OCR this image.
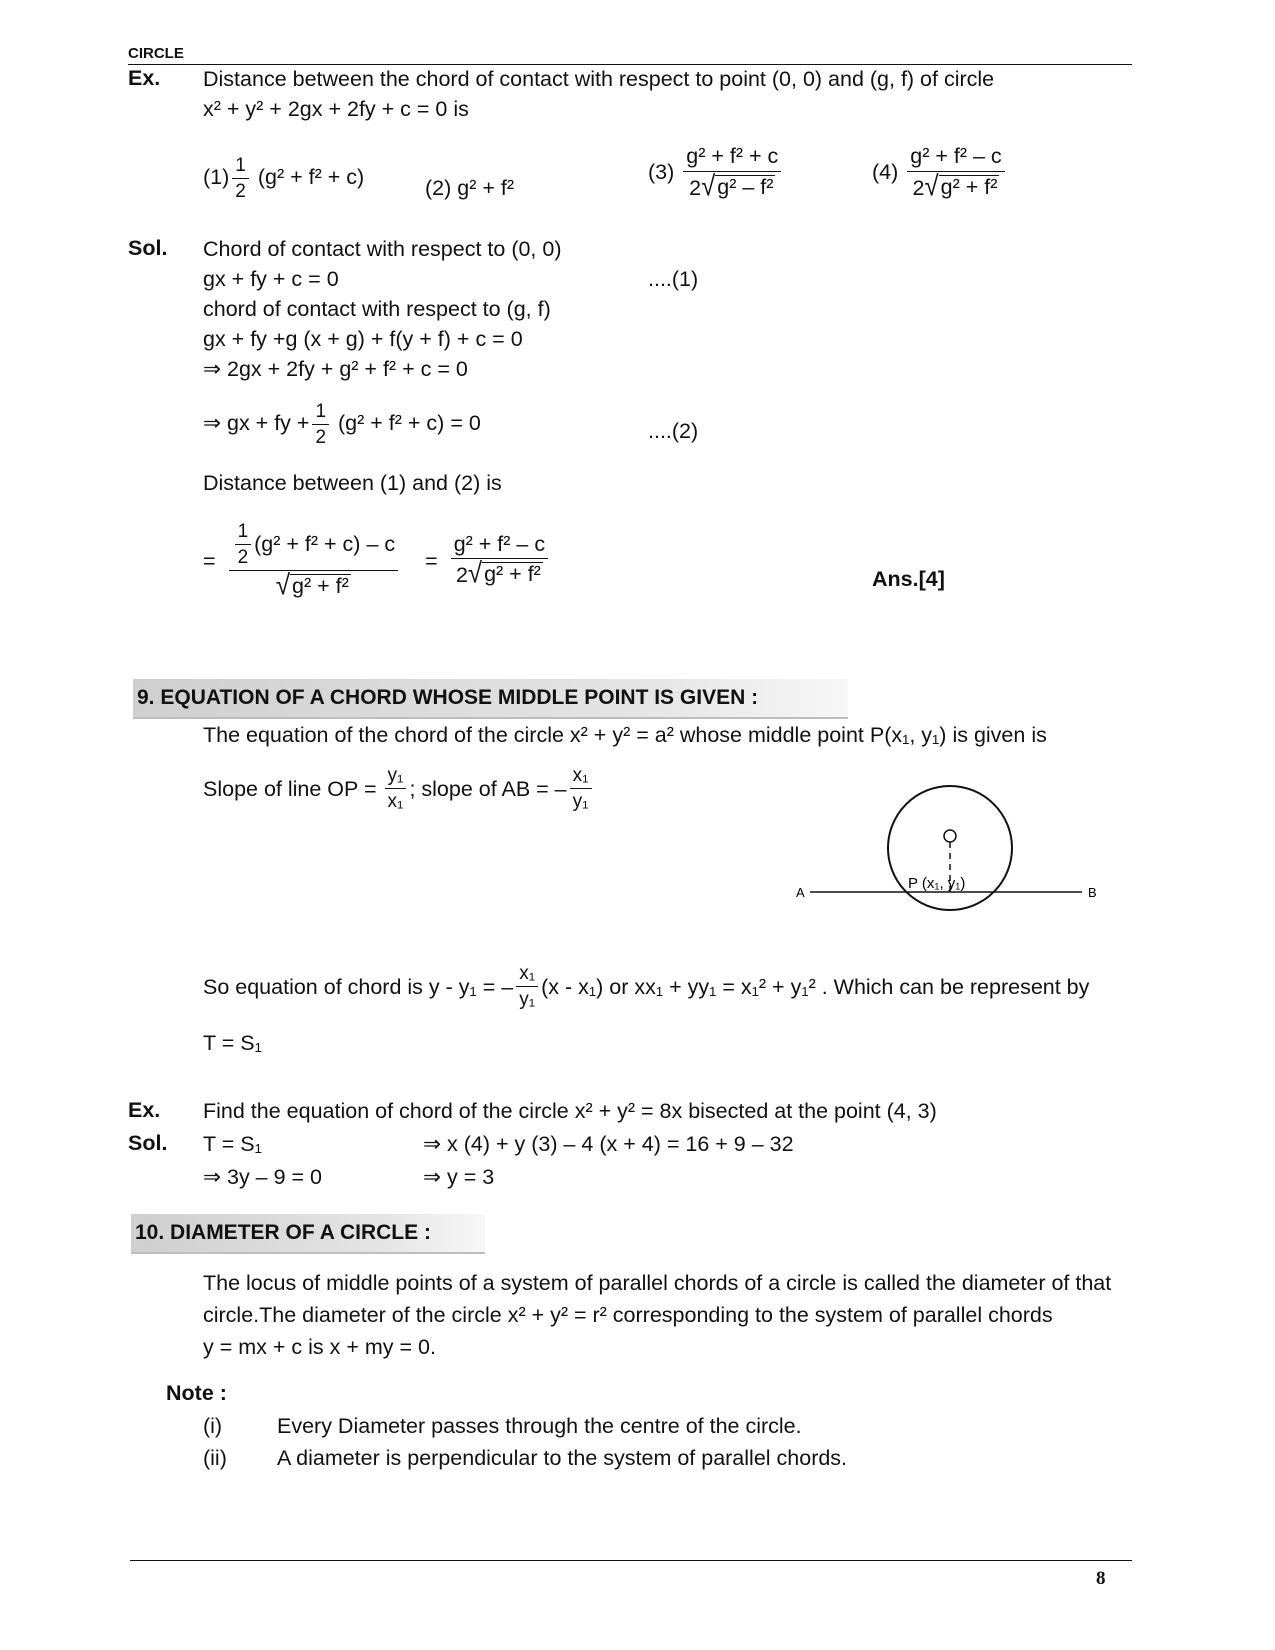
CIRCLE
Ex. Distance between the chord of contact with respect to point (0, 0) and (g, f) of circle
x² + y² + 2gx + 2fy + c = 0 is
$(1) \frac{1}{2} (g^2 + f^2 + c)$	(2) g² + f²
$(3) \frac{\text{g² + f² + c}}{\text{2 √ g² – f²}}$	$(4) \frac{\text{g² + f² – c}}{\text{2 √ g² + f²}}$
Sol. Chord of contact with respect to (0, 0)
gx + fy + c = 0	....(1)
chord of contact with respect to (g, f)
gx + fy +g (x + g) + f(y + f) + c = 0
⇒ 2gx + 2fy + g² + f² + c = 0
⇒ gx + fy + $\frac{1}{2} (g^2 + f^2 + c) = 0$	....(2)
Distance between (1) and (2) is
= $\frac{\frac{1}{2} (g^2 + f^2 + c) - c}{\text{√ g² + f²}} = \frac{\text{g² + f² – c}}{\text{2 √ g² + f²}}$	Ans.[4]
9. EQUATION OF A CHORD WHOSE MIDDLE POINT IS GIVEN :
The equation of the chord of the circle x² + y² = a² whose middle point P(x₁, y₁) is given is
Slope of line OP = $\frac{\text{y₁}}{\text{x₁}}$ ; slope of AB = – $\frac{\text{x₁}}{\text{y₁}}$
A	B
P (x₁, y₁)
So equation of chord is y - y₁ = – $\frac{\text{x₁}}{\text{y₁}} (x - x_1)$ or xx₁ + yy₁ = x₁² + y₁² . Which can be represent by
T = S₁
Ex. Find the equation of chord of the circle x² + y² = 8x bisected at the point (4, 3)
Sol. T = S₁	⇒ x (4) + y (3) – 4 (x + 4) = 16 + 9 – 32
⇒ 3y – 9 = 0	⇒ y = 3
10. DIAMETER OF A CIRCLE :
The locus of middle points of a system of parallel chords of a circle is called the diameter of that
circle.The diameter of the circle x² + y² = r² corresponding to the system of parallel chords
y = mx + c is x + my = 0.
Note :
(i)	Every Diameter passes through the centre of the circle.
(ii) A diameter is perpendicular to the system of parallel chords.
8
